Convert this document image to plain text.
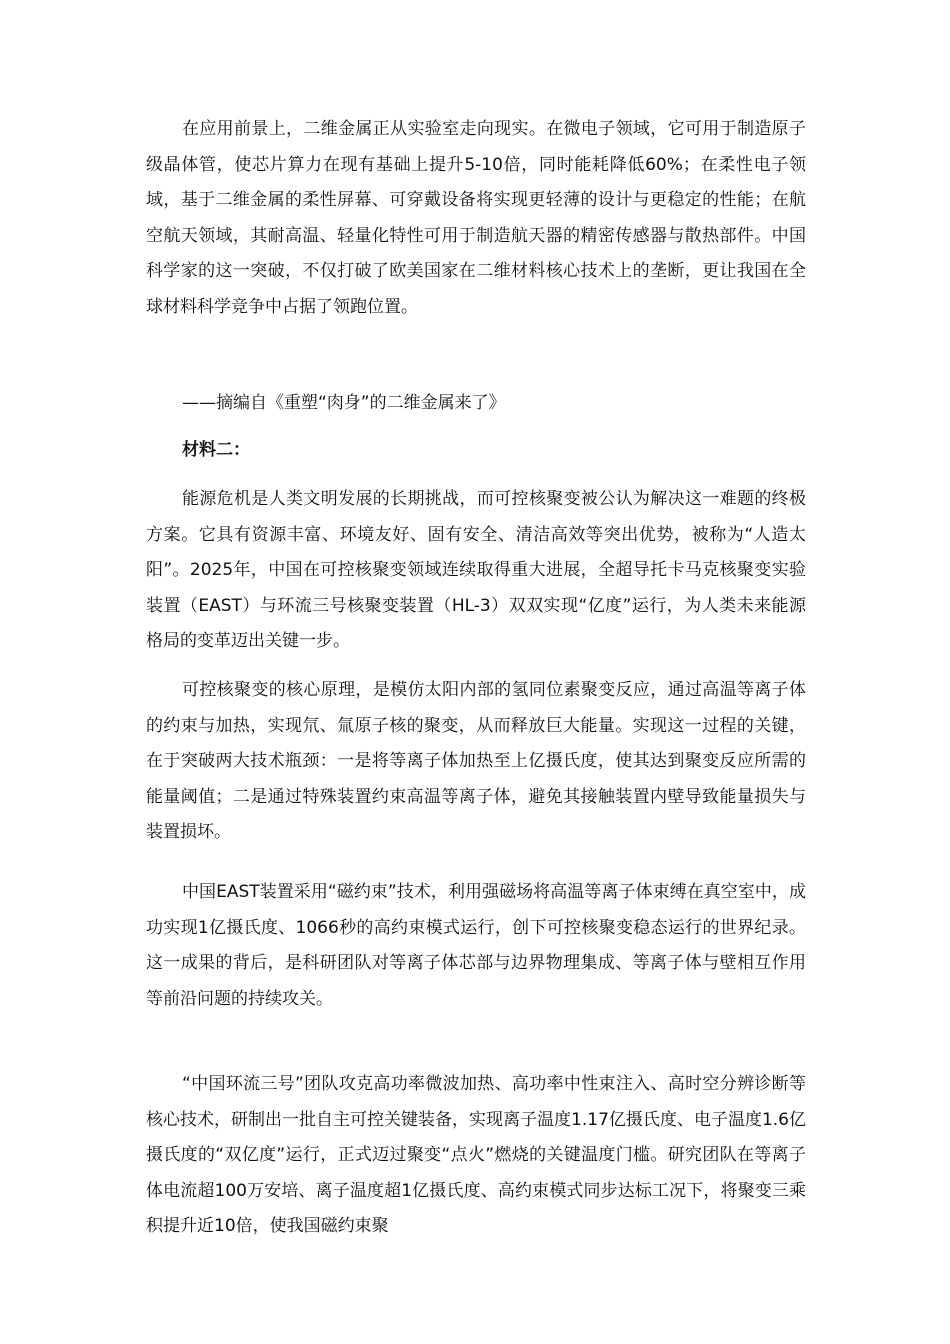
在应用前景上，二维金属正从实验室走向现实。在微电子领域，它可用于制造原子级晶体管，使芯片算力在现有基础上提升5-10倍，同时能耗降低60%；在柔性电子领域，基于二维金属的柔性屏幕、可穿戴设备将实现更轻薄的设计与更稳定的性能；在航空航天领域，其耐高温、轻量化特性可用于制造航天器的精密传感器与散热部件。中国科学家的这一突破，不仅打破了欧美国家在二维材料核心技术上的垄断，更让我国在全球材料科学竞争中占据了领跑位置。

——摘编自《重塑“肉身”的二维金属来了》

材料二：

能源危机是人类文明发展的长期挑战，而可控核聚变被公认为解决这一难题的终极方案。它具有资源丰富、环境友好、固有安全、清洁高效等突出优势，被称为“人造太阳”。2025年，中国在可控核聚变领域连续取得重大进展，全超导托卡马克核聚变实验装置（EAST）与环流三号核聚变装置（HL-3）双双实现“亿度”运行，为人类未来能源格局的变革迈出关键一步。

可控核聚变的核心原理，是模仿太阳内部的氢同位素聚变反应，通过高温等离子体的约束与加热，实现氘、氚原子核的聚变，从而释放巨大能量。实现这一过程的关键，在于突破两大技术瓶颈：一是将等离子体加热至上亿摄氏度，使其达到聚变反应所需的能量阈值；二是通过特殊装置约束高温等离子体，避免其接触装置内壁导致能量损失与装置损坏。

中国EAST装置采用“磁约束”技术，利用强磁场将高温等离子体束缚在真空室中，成功实现1亿摄氏度、1066秒的高约束模式运行，创下可控核聚变稳态运行的世界纪录。这一成果的背后，是科研团队对等离子体芯部与边界物理集成、等离子体与壁相互作用等前沿问题的持续攻关。

“中国环流三号”团队攻克高功率微波加热、高功率中性束注入、高时空分辨诊断等核心技术，研制出一批自主可控关键装备，实现离子温度1.17亿摄氏度、电子温度1.6亿摄氏度的“双亿度”运行，正式迈过聚变“点火”燃烧的关键温度门槛。研究团队在等离子体电流超100万安培、离子温度超1亿摄氏度、高约束模式同步达标工况下，将聚变三乘积提升近10倍，使我国磁约束聚
